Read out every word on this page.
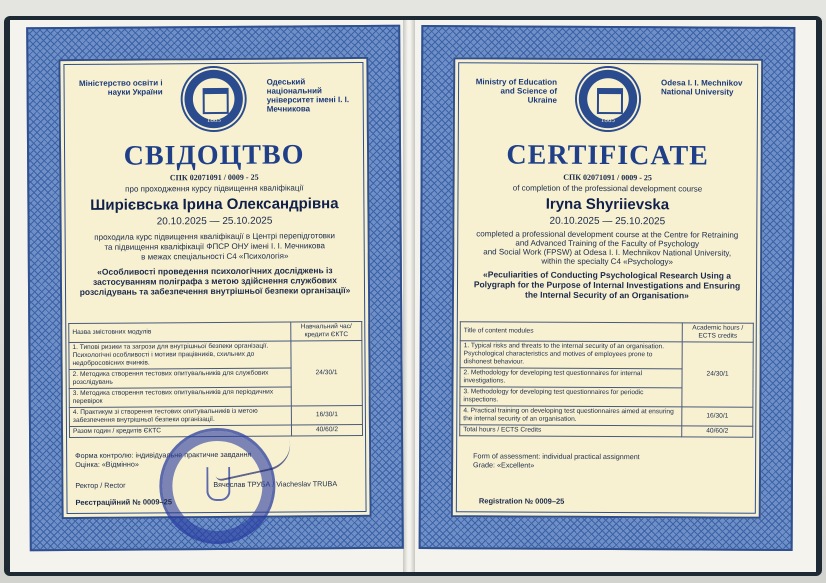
Міністерство освіти і науки України
1865
Одеський національний університет імені І. І. Мечникова
СВІДОЦТВО
СПК 02071091 / 0009 - 25
про проходження курсу підвищення кваліфікації
Ширієвська Ірина Олександрівна
20.10.2025 — 25.10.2025
проходила курс підвищення кваліфікації в Центрі перепідготовки
та підвищення кваліфікації ФПСР ОНУ імені І. І. Мечникова
в межах спеціальності C4 «Психологія»
«Особливості проведення психологічних досліджень із застосуванням поліграфа з метою здійснення службових розслідувань та забезпечення внутрішньої безпеки організації»
Назва змістовних модулів	Навчальний час/ кредити ЄКТС
1. Типові ризики та загрози для внутрішньої безпеки організації. Психологічні особливості і мотиви працівників, схильних до недобросовісних вчинків.	24/30/1
2. Методика створення тестових опитувальників для службових розслідувань	
3. Методика створення тестових опитувальників для періодичних перевірок	
4. Практикум зі створення тестових опитувальників із метою забезпечення внутрішньої безпеки організації.	16/30/1
Разом годин / кредитів ЄКТС	40/60/2
Форма контролю: індивідуальне практичне завдання
Оцінка: «Відмінно»
Ректор / Rector	Вячеслав ТРУБА / Viacheslav TRUBA
Реєстраційний № 0009–25
Ministry of Education and Science of Ukraine
1865
Odesa I. I. Mechnikov National University
CERTIFICATE
СПК 02071091 / 0009 - 25
of completion of the professional development course
Iryna Shyriievska
20.10.2025 — 25.10.2025
completed a professional development course at the Centre for Retraining
and Advanced Training of the Faculty of Psychology
and Social Work (FPSW) at Odesa I. I. Mechnikov National University,
within the specialty C4 «Psychology»
«Peculiarities of Conducting Psychological Research Using a Polygraph for the Purpose of Internal Investigations and Ensuring the Internal Security of an Organisation»
Title of content modules	Academic hours / ECTS credits
1. Typical risks and threats to the internal security of an organisation. Psychological characteristics and motives of employees prone to dishonest behaviour.	24/30/1
2. Methodology for developing test questionnaires for internal investigations.	
3. Methodology for developing test questionnaires for periodic inspections.	
4. Practical training on developing test questionnaires aimed at ensuring the internal security of an organisation.	16/30/1
Total hours / ECTS Credits	40/60/2
Form of assessment: individual practical assignment
Grade: «Excellent»
Registration № 0009–25
